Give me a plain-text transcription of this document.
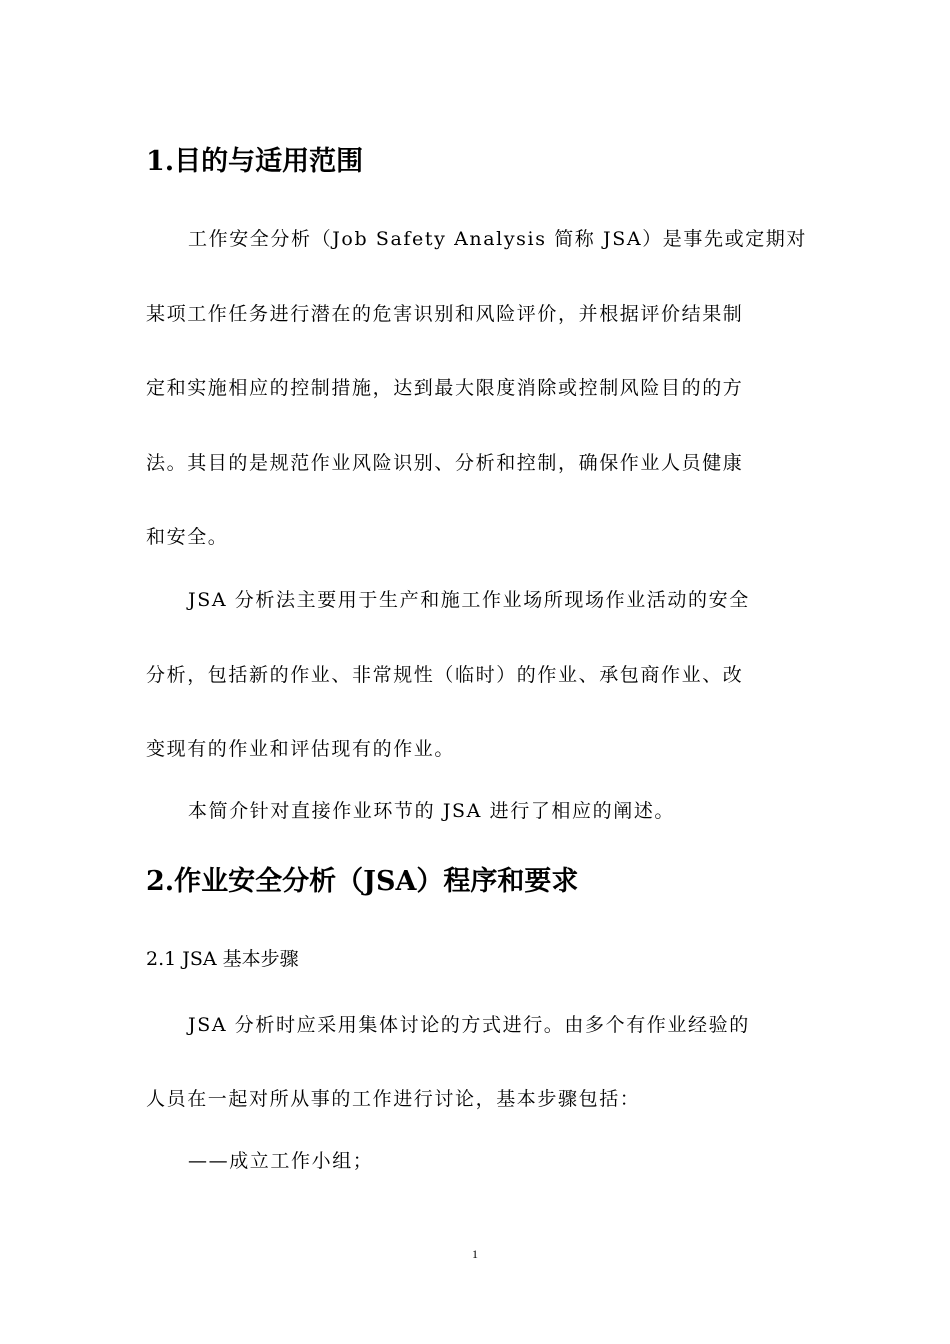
1.目的与适用范围

工作安全分析（Job Safety Analysis 简称 JSA）是事先或定期对

某项工作任务进行潜在的危害识别和风险评价，并根据评价结果制

定和实施相应的控制措施，达到最大限度消除或控制风险目的的方

法。其目的是规范作业风险识别、分析和控制，确保作业人员健康

和安全。

JSA 分析法主要用于生产和施工作业场所现场作业活动的安全

分析，包括新的作业、非常规性（临时）的作业、承包商作业、改

变现有的作业和评估现有的作业。

本简介针对直接作业环节的 JSA 进行了相应的阐述。

2.作业安全分析（JSA）程序和要求

2.1 JSA 基本步骤

JSA 分析时应采用集体讨论的方式进行。由多个有作业经验的

人员在一起对所从事的工作进行讨论，基本步骤包括：

——成立工作小组；

1
